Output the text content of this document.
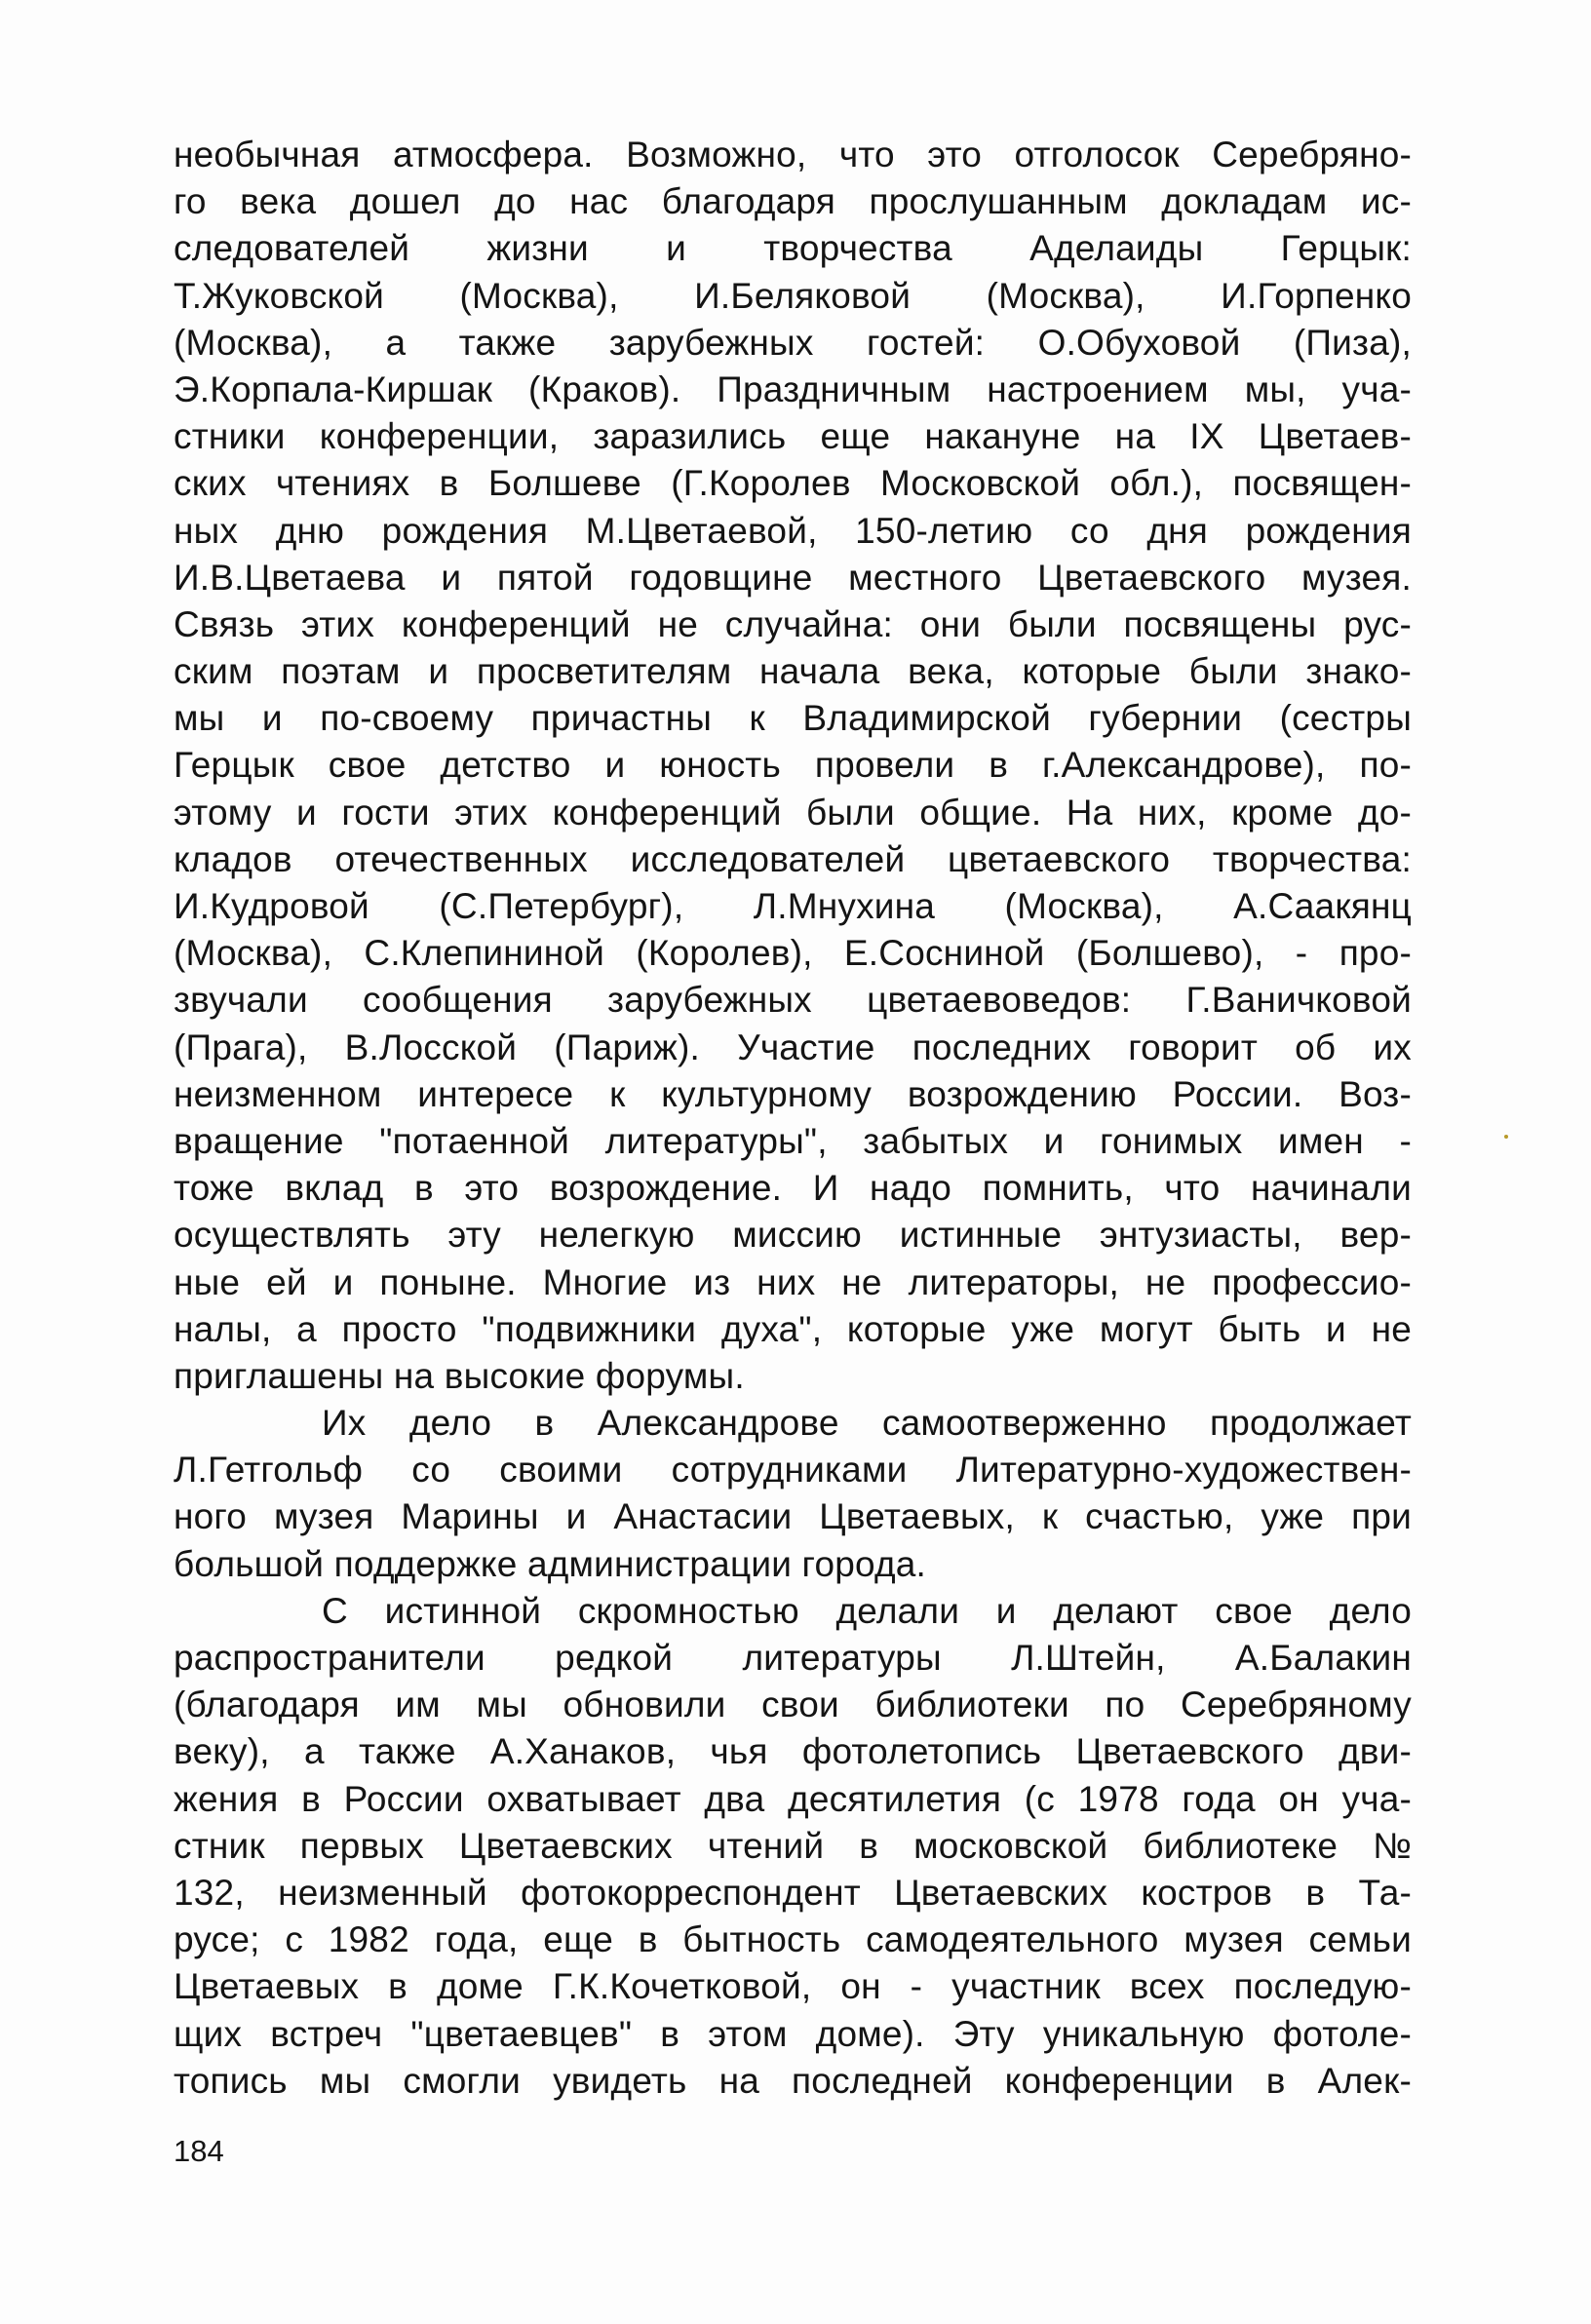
необычная атмосфера. Возможно, что это отголосок Серебряно-
го века дошел до нас благодаря прослушанным докладам ис-
следователей жизни и творчества Аделаиды Герцык:
Т.Жуковской (Москва), И.Беляковой (Москва), И.Горпенко
(Москва), а также зарубежных гостей: О.Обуховой (Пиза),
Э.Корпала-Киршак (Краков). Праздничным настроением мы, уча-
стники конференции, заразились еще накануне на IX Цветаев-
ских чтениях в Болшеве (Г.Королев Московской обл.), посвящен-
ных дню рождения М.Цветаевой, 150-летию со дня рождения
И.В.Цветаева и пятой годовщине местного Цветаевского музея.
Связь этих конференций не случайна: они были посвящены рус-
ским поэтам и просветителям начала века, которые были знако-
мы и по-своему причастны к Владимирской губернии (сестры
Герцык свое детство и юность провели в г.Александрове), по-
этому и гости этих конференций были общие. На них, кроме до-
кладов отечественных исследователей цветаевского творчества:
И.Кудровой (С.Петербург), Л.Мнухина (Москва), А.Саакянц
(Москва), С.Клепининой (Королев), Е.Сосниной (Болшево), - про-
звучали сообщения зарубежных цветаевоведов: Г.Ваничковой
(Прага), В.Лосской (Париж). Участие последних говорит об их
неизменном интересе к культурному возрождению России. Воз-
вращение "потаенной литературы", забытых и гонимых имен -
тоже вклад в это возрождение. И надо помнить, что начинали
осуществлять эту нелегкую миссию истинные энтузиасты, вер-
ные ей и поныне. Многие из них не литераторы, не профессио-
налы, а просто "подвижники духа", которые уже могут быть и не
приглашены на высокие форумы.
Их дело в Александрове самоотверженно продолжает
Л.Гетгольф со своими сотрудниками Литературно-художествен-
ного музея Марины и Анастасии Цветаевых, к счастью, уже при
большой поддержке администрации города.
С истинной скромностью делали и делают свое дело
распространители редкой литературы Л.Штейн, А.Балакин
(благодаря им мы обновили свои библиотеки по Серебряному
веку), а также А.Ханаков, чья фотолетопись Цветаевского дви-
жения в России охватывает два десятилетия (с 1978 года он уча-
стник первых Цветаевских чтений в московской библиотеке №
132, неизменный фотокорреспондент Цветаевских костров в Та-
русе; с 1982 года, еще в бытность самодеятельного музея семьи
Цветаевых в доме Г.К.Кочетковой, он - участник всех последую-
щих встреч "цветаевцев" в этом доме). Эту уникальную фотоле-
топись мы смогли увидеть на последней конференции в Алек-
184
